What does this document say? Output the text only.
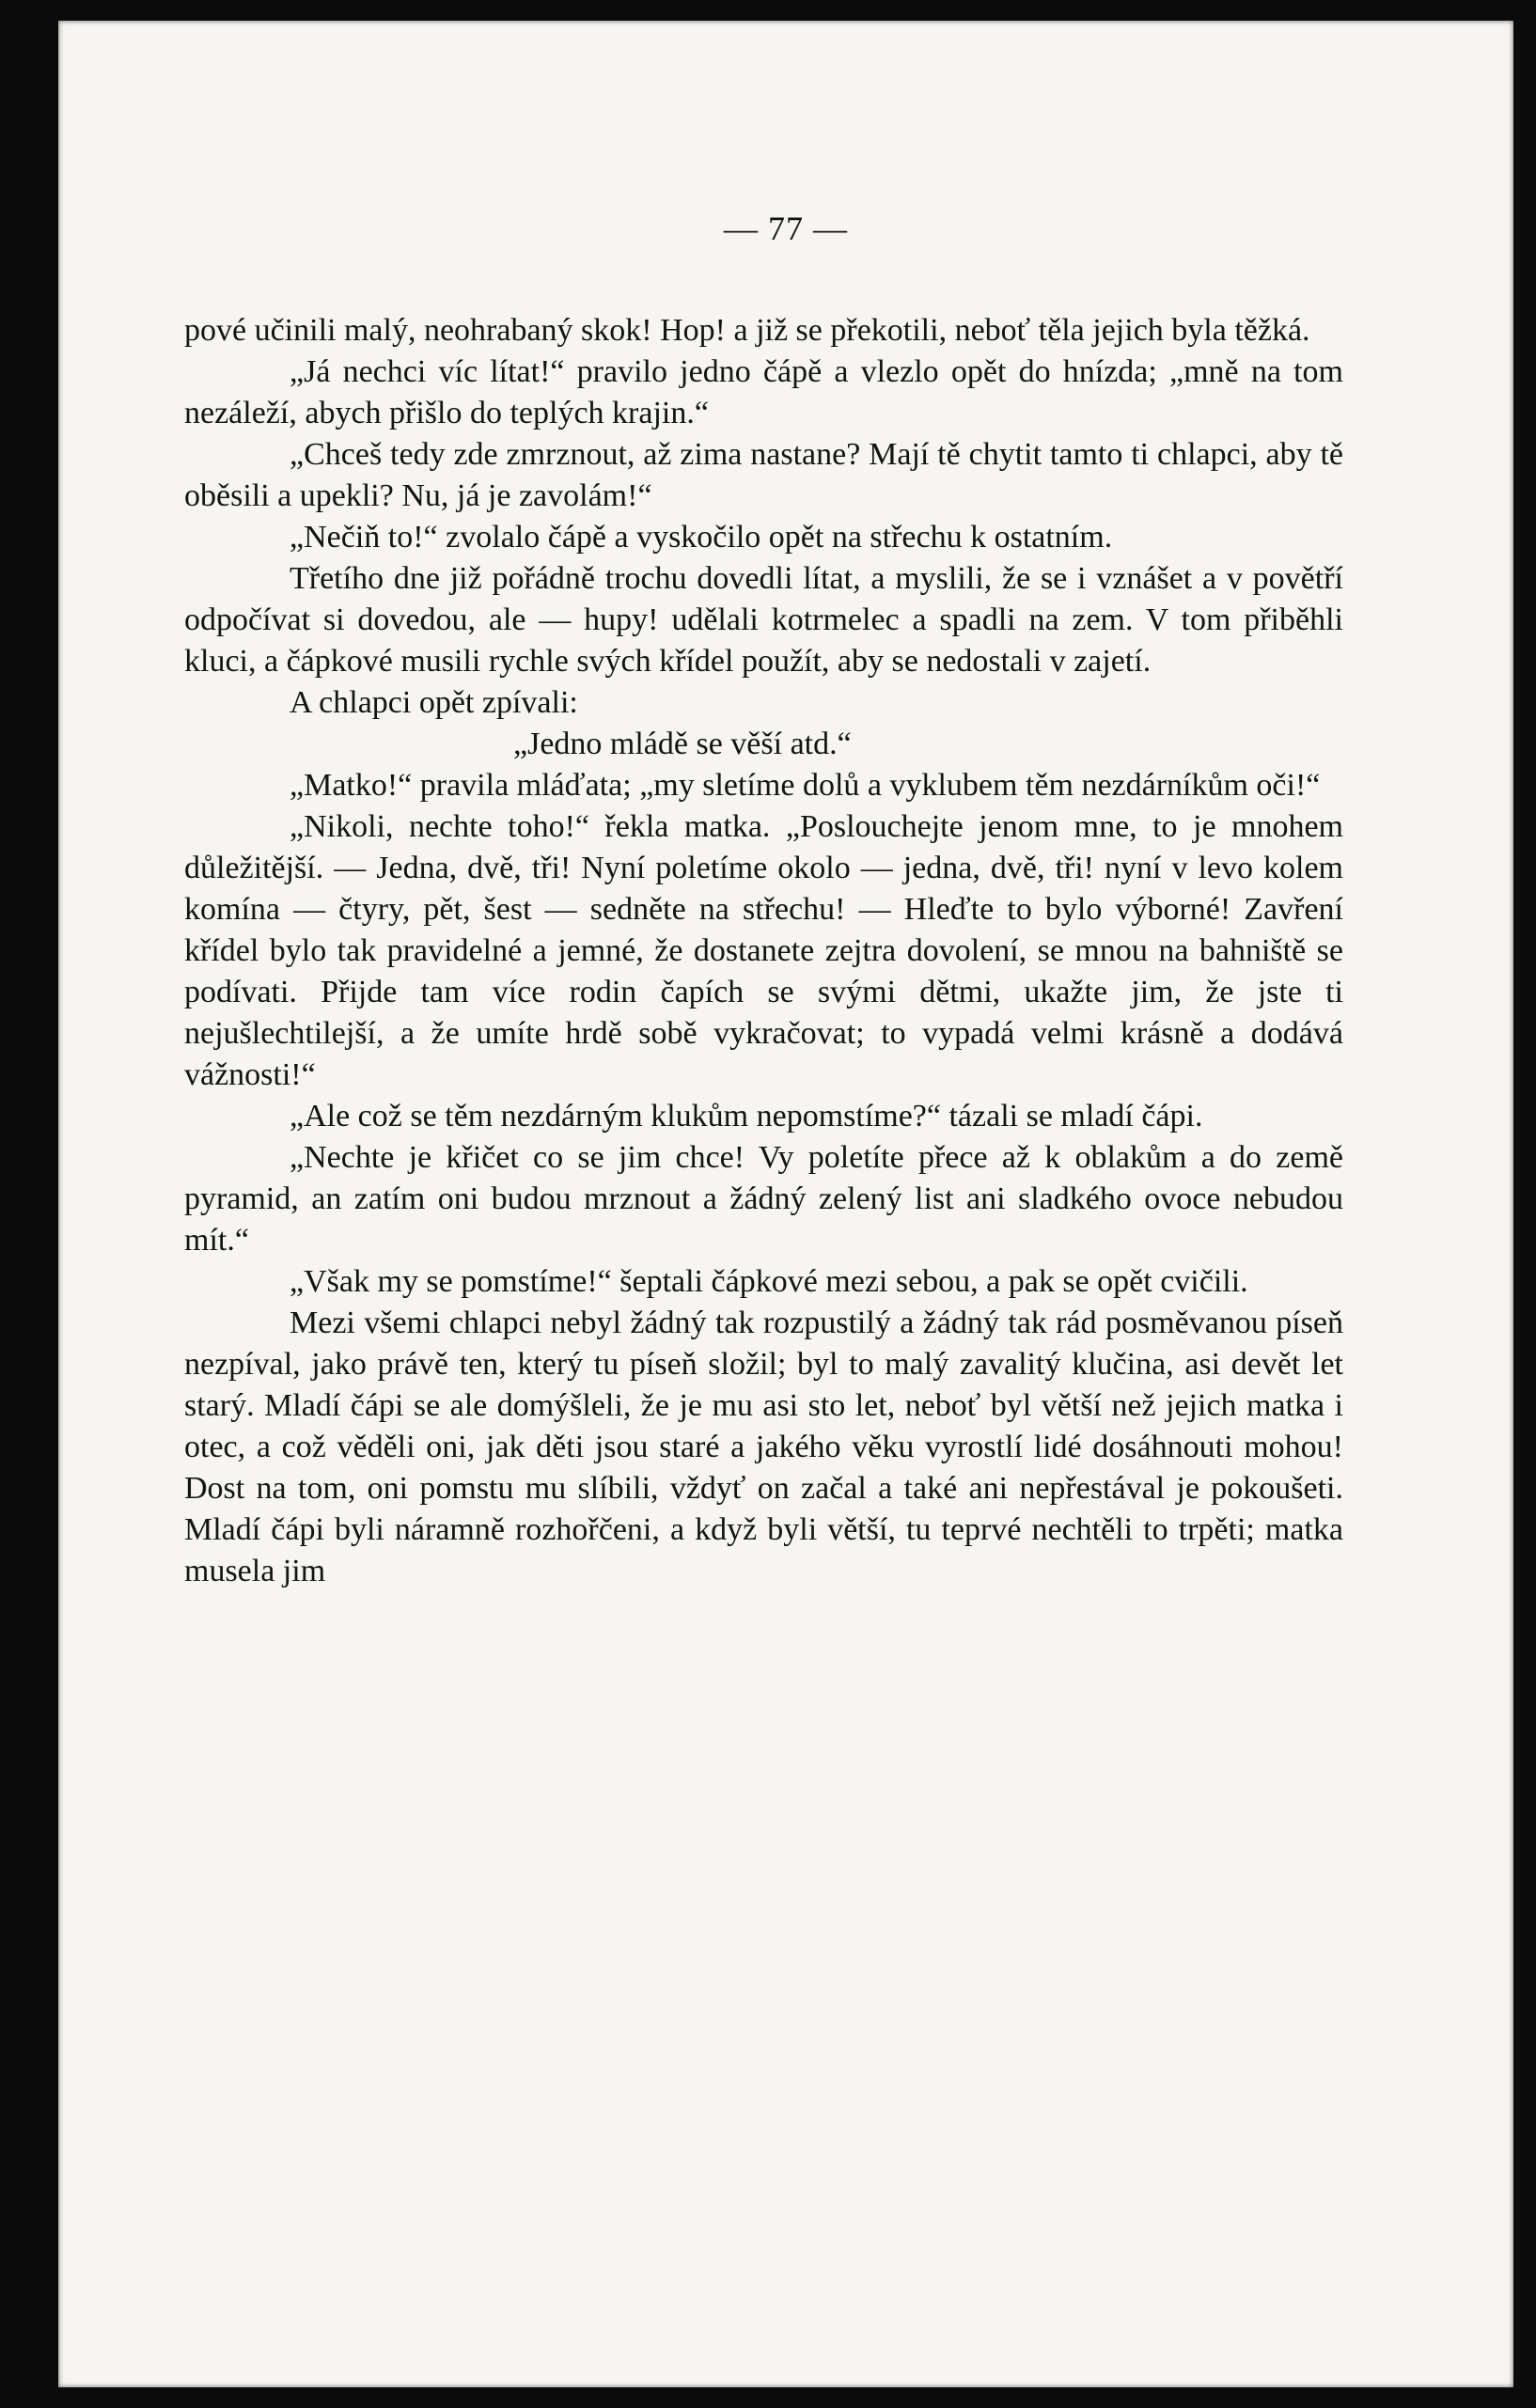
— 77 —

pové učinili malý, neohrabaný skok! Hop! a již se překotili, neboť těla jejich byla těžká.

„Já nechci víc lítat!“ pravilo jedno čápě a vlezlo opět do hnízda; „mně na tom nezáleží, abych přišlo do teplých krajin.“

„Chceš tedy zde zmrznout, až zima nastane? Mají tě chytit tamto ti chlapci, aby tě oběsili a upekli? Nu, já je zavolám!“

„Nečiň to!“ zvolalo čápě a vyskočilo opět na střechu k ostatním.

Třetího dne již pořádně trochu dovedli lítat, a myslili, že se i vznášet a v povětří odpočívat si dovedou, ale — hupy! udělali kotrmelec a spadli na zem. V tom přiběhli kluci, a čápkové musili rychle svých křídel použít, aby se nedostali v zajetí.

A chlapci opět zpívali:

„Jedno mládě se věší atd.“

„Matko!“ pravila mláďata; „my sletíme dolů a vyklubem těm nezdárníkům oči!“

„Nikoli, nechte toho!“ řekla matka. „Poslouchejte jenom mne, to je mnohem důležitější. — Jedna, dvě, tři! Nyní poletíme okolo — jedna, dvě, tři! nyní v levo kolem komína — čtyry, pět, šest — sedněte na střechu! — Hleďte to bylo výborné! Zavření křídel bylo tak pravidelné a jemné, že dostanete zejtra dovolení, se mnou na bahniště se podívati. Přijde tam více rodin čapích se svými dětmi, ukažte jim, že jste ti nejušlechtilejší, a že umíte hrdě sobě vykračovat; to vypadá velmi krásně a dodává vážnosti!“

„Ale což se těm nezdárným klukům nepomstíme?“ tázali se mladí čápi.

„Nechte je křičet co se jim chce! Vy poletíte přece až k oblakům a do země pyramid, an zatím oni budou mrznout a žádný zelený list ani sladkého ovoce nebudou mít.“

„Však my se pomstíme!“ šeptali čápkové mezi sebou, a pak se opět cvičili.

Mezi všemi chlapci nebyl žádný tak rozpustilý a žádný tak rád posměvanou píseň nezpíval, jako právě ten, který tu píseň složil; byl to malý zavalitý klučina, asi devět let starý. Mladí čápi se ale domýšleli, že je mu asi sto let, neboť byl větší než jejich matka i otec, a což věděli oni, jak děti jsou staré a jakého věku vyrostlí lidé dosáhnouti mohou! Dost na tom, oni pomstu mu slíbili, vždyť on začal a také ani nepřestával je pokoušeti. Mladí čápi byli náramně rozhořčeni, a když byli větší, tu teprvé nechtěli to trpěti; matka musela jim
